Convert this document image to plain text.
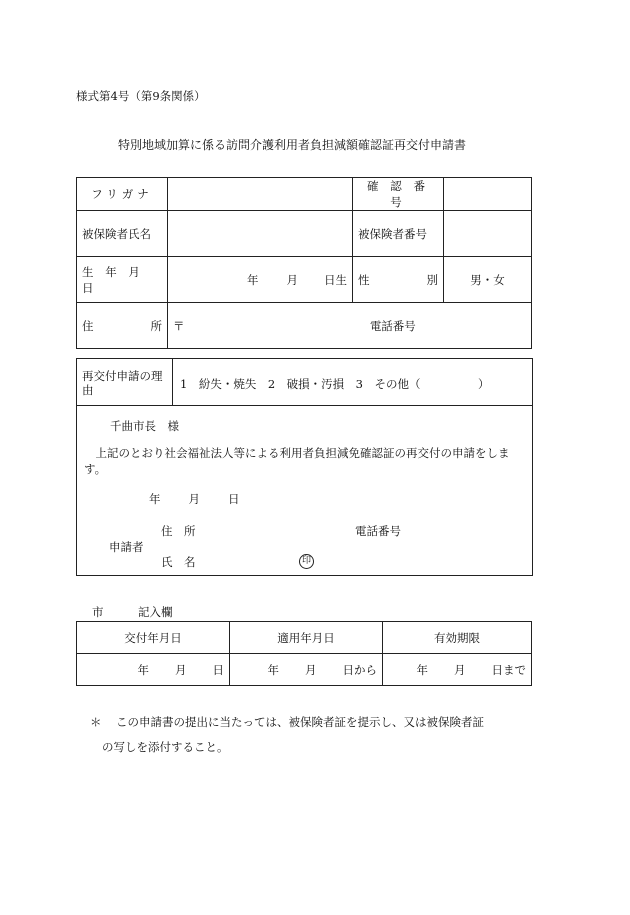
様式第4号（第9条関係）
特別地域加算に係る訪問介護利用者負担減額確認証再交付申請書
フリガナ		確 認 番 号	
被保険者氏名		被保険者番号	
生 年 月 日	年 月 日生	性 別	男・女
住 所	〒 電話番号		
再交付申請の理由	1　紛失・焼失　2　破損・汚損　3　その他（　　　　　）
千曲市長　様
上記のとおり社会福祉法人等による利用者負担減免確認証の再交付の申請をします。
年 月 日
住　所	電話番号
申請者
氏　名	印
市　　　記入欄
交付年月日	適用年月日	有効期限
年 月 日	年 月 日から	年 月 日まで
＊ この申請書の提出に当たっては、被保険者証を提示し、又は被保険者証
の写しを添付すること。
